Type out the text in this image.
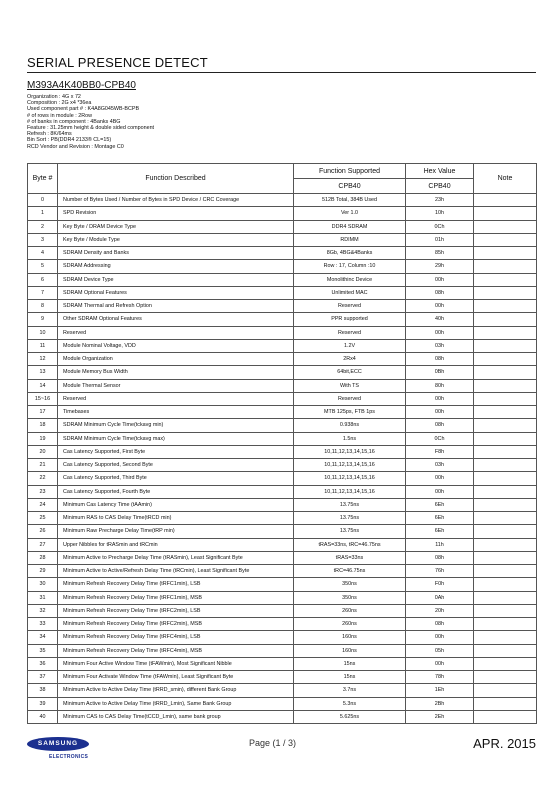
SERIAL PRESENCE DETECT
M393A4K40BB0-CPB40
Organization : 4G x 72
Composition : 2G x4 *36ea
Used component part # : K4A8G045WB-BCPB
# of rows in module : 2Row
# of banks in component : 4Banks 4BG
Feature : 31.25mm height & double sided component
Refresh : 8K/64ms
Bin Sort : PB(DDR4 2133® CL=15)
RCD Vendor and Revision : Montage C0
Byte #	Function Described	Function Supported	Hex Value	Note
		CPB40	CPB40	
0	Number of Bytes Used / Number of Bytes in SPD Device / CRC Coverage	512B Total, 384B Used	23h	
1	SPD Revision	Ver 1.0	10h	
2	Key Byte / DRAM Device Type	DDR4 SDRAM	0Ch	
3	Key Byte / Module Type	RDIMM	01h	
4	SDRAM Density and Banks	8Gb, 4BG&4Banks	85h	
5	SDRAM Addressing	Row : 17, Column :10	29h	
6	SDRAM Device Type	Monolithinc Device	00h	
7	SDRAM Optional Features	Unlimited MAC	08h	
8	SDRAM Thermal and Refresh Option	Reserved	00h	
9	Other SDRAM Optional Features	PPR supported	40h	
10	Reserved	Reserved	00h	
11	Module Nominal Voltage, VDD	1.2V	03h	
12	Module Organization	2Rx4	08h	
13	Module Memory Bus Width	64bit,ECC	0Bh	
14	Module Thermal Sensor	With TS	80h	
15~16	Reserved	Reserved	00h	
17	Timebases	MTB 125ps, FTB 1ps	00h	
18	SDRAM Minimum Cycle Time(tckavg min)	0.938ns	08h	
19	SDRAM Minimum Cycle Time(tckavg max)	1.5ns	0Ch	
20	Cas Latency Supported, First Byte	10,11,12,13,14,15,16	F8h	
21	Cas Latency Supported, Second Byte	10,11,12,13,14,15,16	03h	
22	Cas Latency Supported, Third Byte	10,11,12,13,14,15,16	00h	
23	Cas Latency Supported, Fourth Byte	10,11,12,13,14,15,16	00h	
24	Minimum Cas Latency Time (tAAmin)	13.75ns	6Eh	
25	Minimum RAS to CAS Delay Time(tRCD min)	13.75ns	6Eh	
26	Minimum Raw Precharge Delay Time(tRP min)	13.75ns	6Eh	
27	Upper Nibbles for tRASmin and tRCmin	tRAS=33ns, tRC=46.75ns	11h	
28	Minimum Active to Precharge Delay Time (tRASmin), Least Significant Byte	tRAS=33ns	08h	
29	Minimum Active to Active/Refresh Delay Time (tRCmin), Least Significant Byte	tRC=46.75ns	76h	
30	Minimum Refresh Recovery Delay Time (tRFC1min), LSB	350ns	F0h	
31	Minimum Refresh Recovery Delay Time (tRFC1min), MSB	350ns	0Ah	
32	Minimum Refresh Recovery Delay Time (tRFC2min), LSB	260ns	20h	
33	Minimum Refresh Recovery Delay Time (tRFC2min), MSB	260ns	08h	
34	Minimum Refresh Recovery Delay Time (tRFC4min), LSB	160ns	00h	
35	Minimum Refresh Recovery Delay Time (tRFC4min), MSB	160ns	05h	
36	Minimum Four Active Window Time (tFAWmin), Most Significant Nibble	15ns	00h	
37	Minimum Four Activate Window Time (tFAWmin), Least Significant Byte	15ns	78h	
38	Minimum Active to Active Delay Time (tRRD_smin), different Bank Group	3.7ns	1Eh	
39	Minimum Active to Active Delay Time (tRRD_Lmin), Same Bank Group	5.3ns	2Bh	
40	Minimum CAS to CAS Delay Time(tCCD_Lmin), same bank group	5.625ns	2Eh	
SAMSUNG
ELECTRONICS
Page (1 / 3)	APR. 2015
